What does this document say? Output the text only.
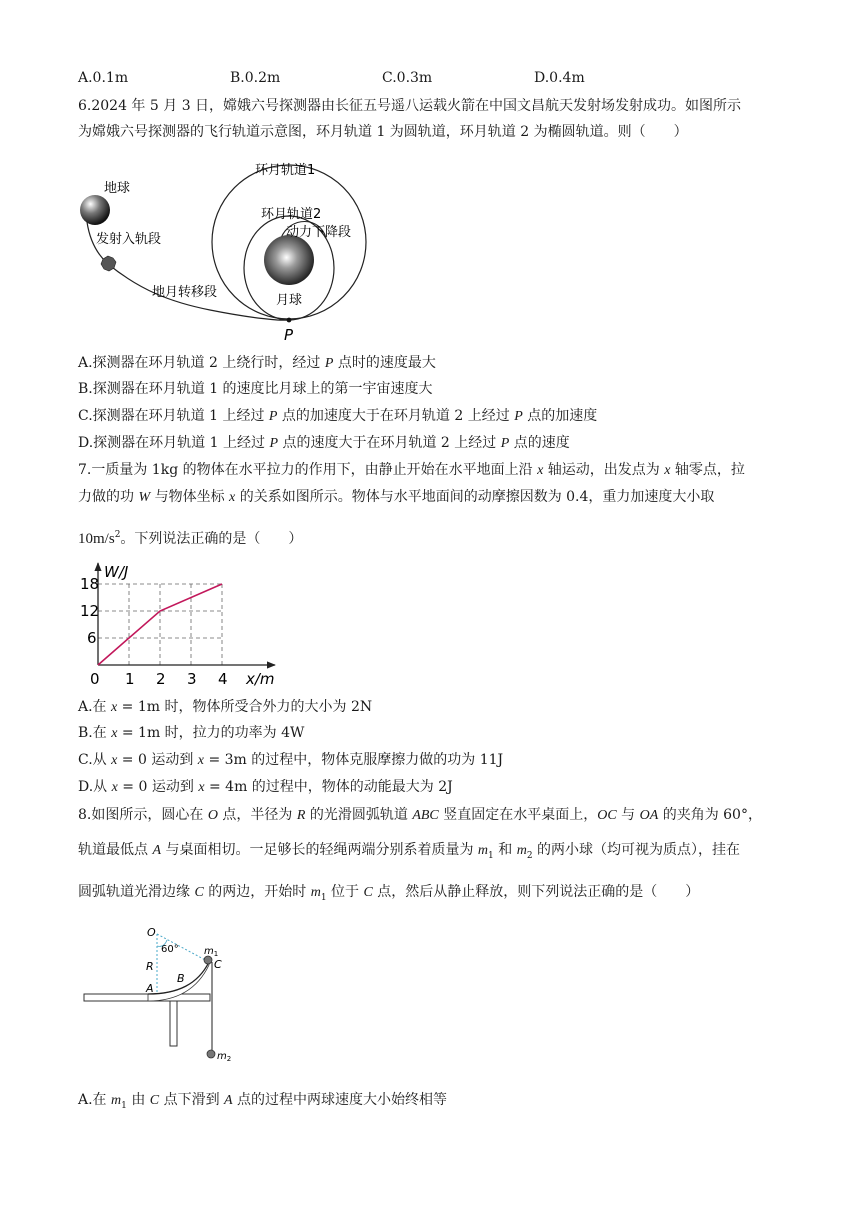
A.0.1m	B.0.2m	C.0.3m	D.0.4m
6.2024 年 5 月 3 日，嫦娥六号探测器由长征五号遥八运载火箭在中国文昌航天发射场发射成功。如图所示
为嫦娥六号探测器的飞行轨道示意图，环月轨道 1 为圆轨道，环月轨道 2 为椭圆轨道。则（　　）
地球
发射入轨段
地月转移段
环月轨道1
环月轨道2
动力下降段
月球
P
A.探测器在环月轨道 2 上绕行时，经过 P 点时的速度最大
B.探测器在环月轨道 1 的速度比月球上的第一宇宙速度大
C.探测器在环月轨道 1 上经过 P 点的加速度大于在环月轨道 2 上经过 P 点的加速度
D.探测器在环月轨道 1 上经过 P 点的速度大于在环月轨道 2 上经过 P 点的速度
7.一质量为 1kg 的物体在水平拉力的作用下，由静止开始在水平地面上沿 x 轴运动，出发点为 x 轴零点，拉
力做的功 W 与物体坐标 x 的关系如图所示。物体与水平地面间的动摩擦因数为 0.4，重力加速度大小取
$10m/s^2$。下列说法正确的是（　　）
1 2 3 4
6
12
18
W/J
x/m
0
A.在 x = 1m 时，物体所受合外力的大小为 2N
B.在 x = 1m 时，拉力的功率为 4W
C.从 x = 0 运动到 x = 3m 的过程中，物体克服摩擦力做的功为 11J
D.从 x = 0 运动到 x = 4m 的过程中，物体的动能最大为 2J
8.如图所示，圆心在 O 点，半径为 R 的光滑圆弧轨道 ABC 竖直固定在水平桌面上，OC 与 OA 的夹角为 60°，
轨道最低点 A 与桌面相切。一足够长的轻绳两端分别系着质量为 $m_1$ 和 $m_2$ 的两小球（均可视为质点），挂在
圆弧轨道光滑边缘 C 的两边，开始时 $m_1$ 位于 C 点，然后从静止释放，则下列说法正确的是（　　）
O
60°
R
A
B
C
$m_1$
$m_2$
A.在 $m_1$ 由 C 点下滑到 A 点的过程中两球速度大小始终相等
